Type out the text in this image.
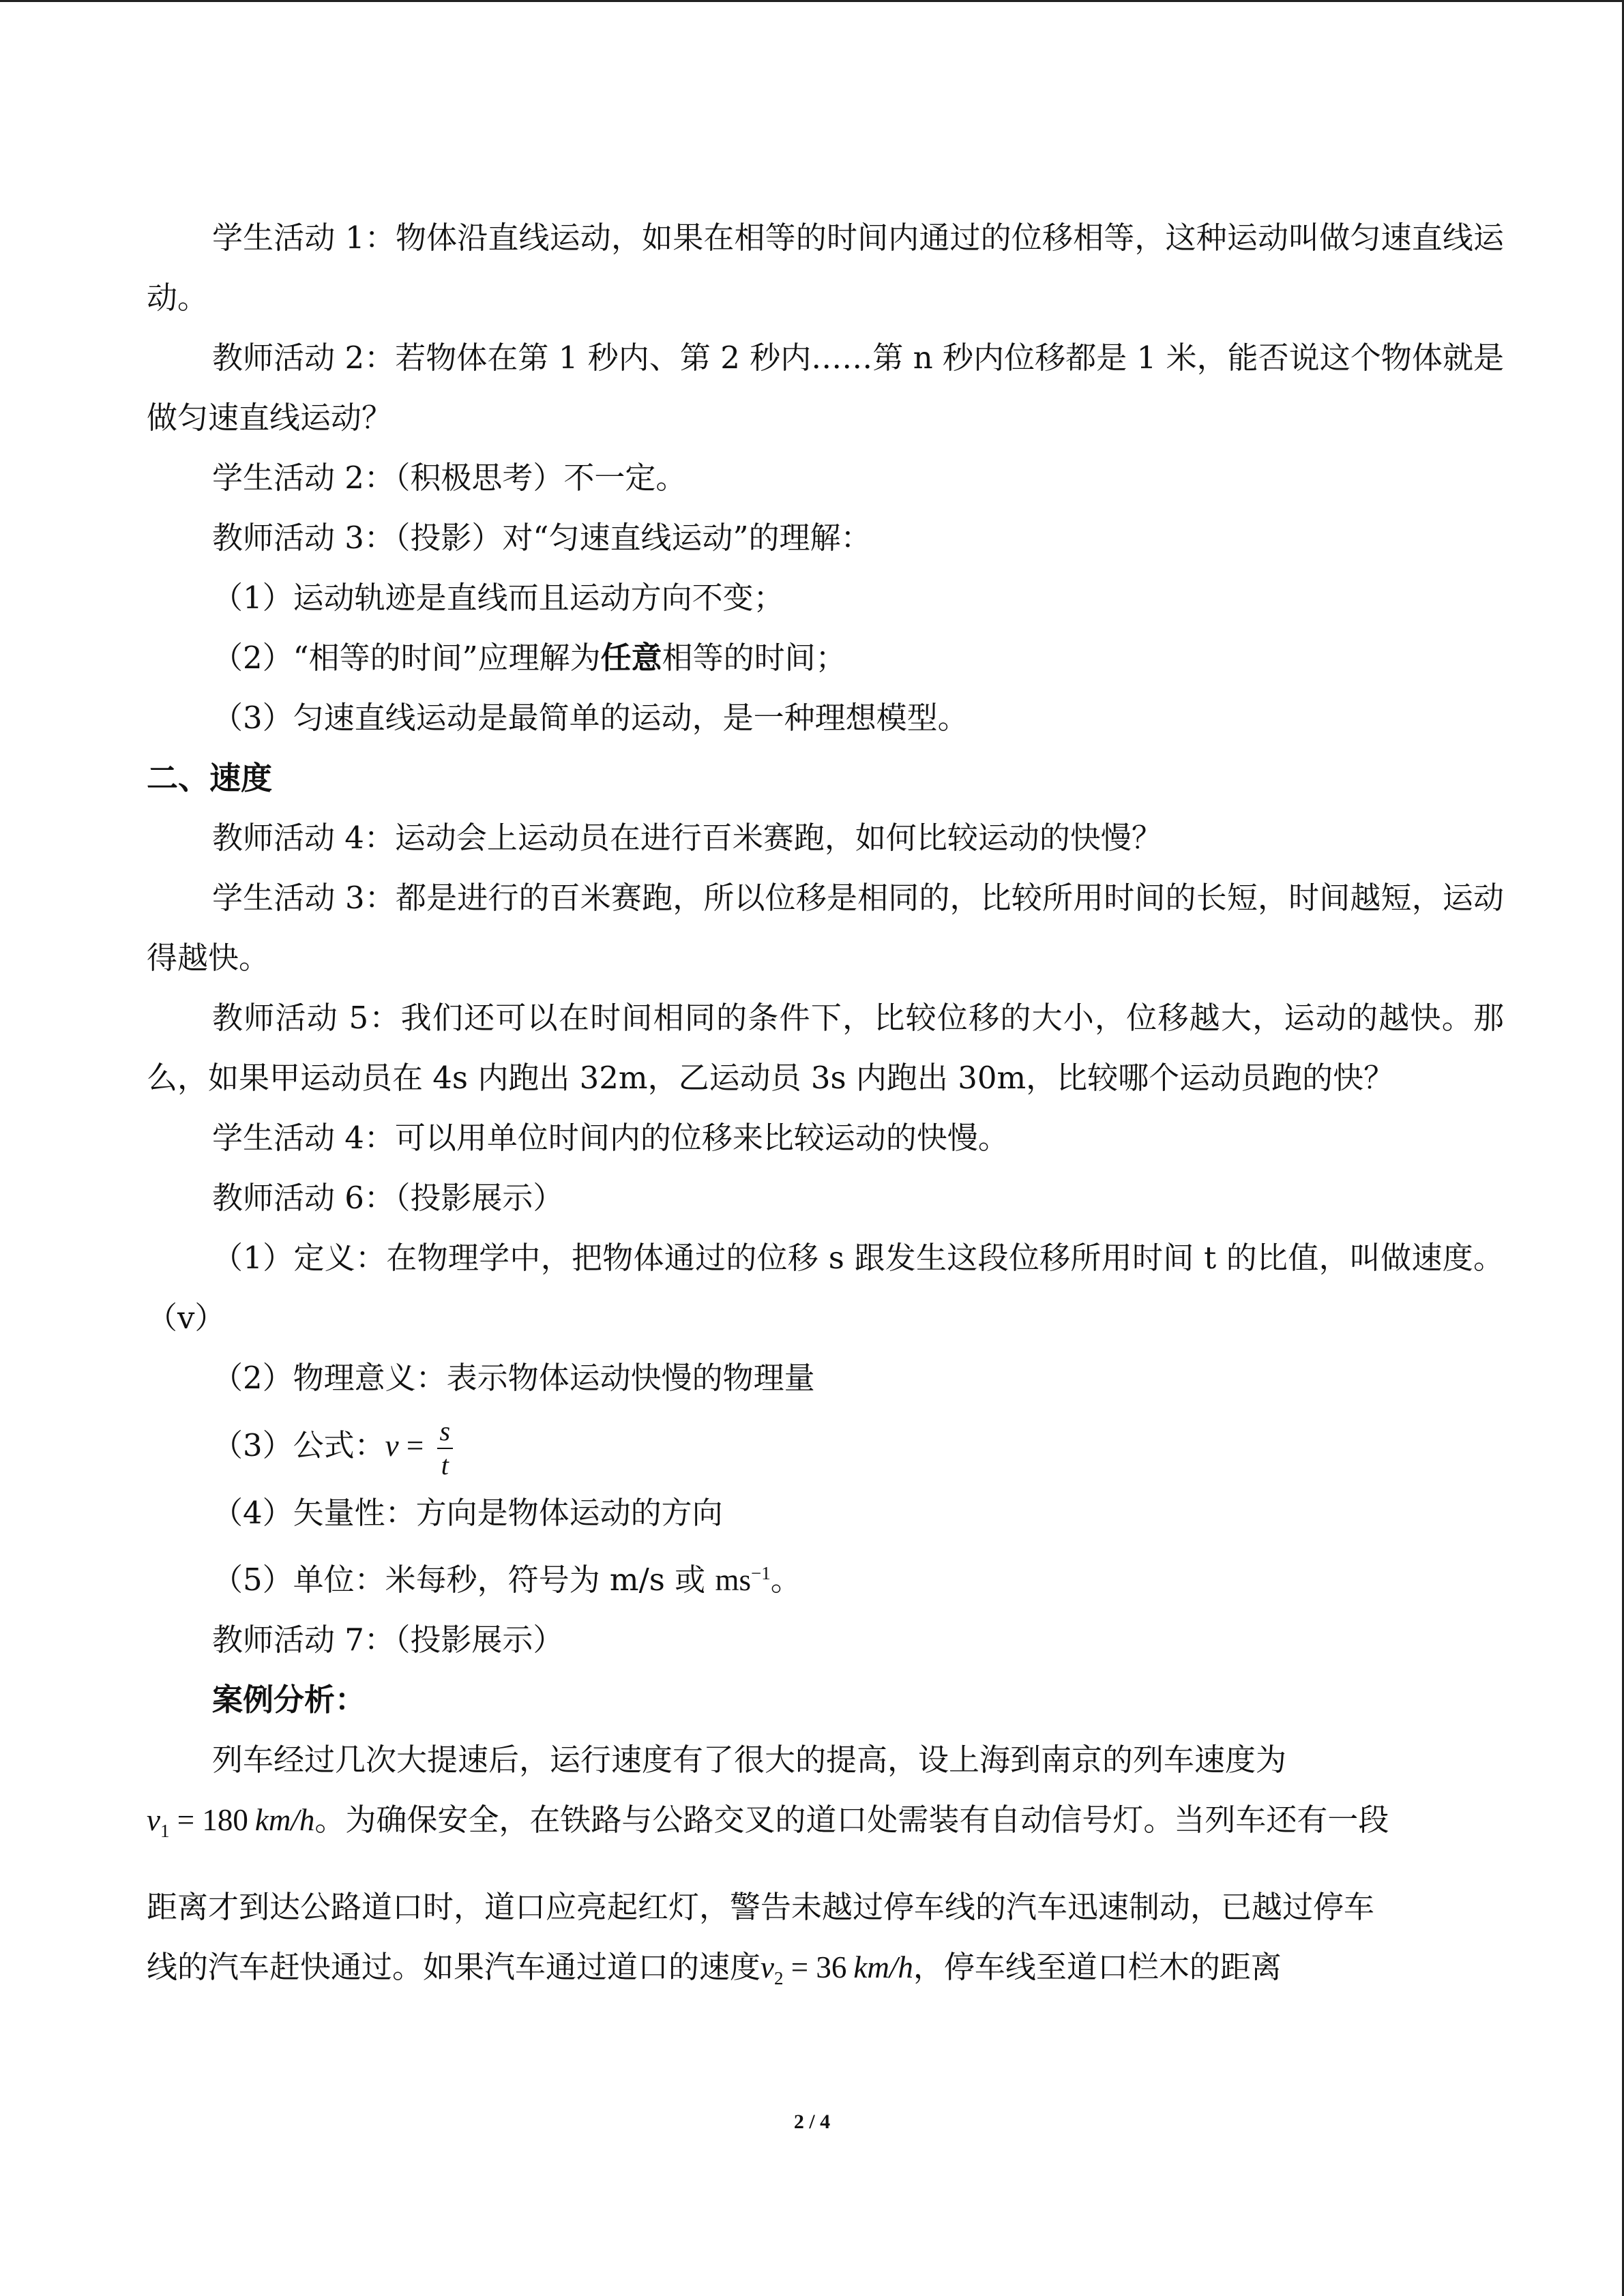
学生活动 1：物体沿直线运动，如果在相等的时间内通过的位移相等，这种运动叫做匀速直线运动。

教师活动 2：若物体在第 1 秒内、第 2 秒内……第 n 秒内位移都是 1 米，能否说这个物体就是做匀速直线运动？

学生活动 2：（积极思考）不一定。

教师活动 3：（投影）对“匀速直线运动”的理解：

（1）运动轨迹是直线而且运动方向不变；

（2）“相等的时间”应理解为任意相等的时间；

（3）匀速直线运动是最简单的运动，是一种理想模型。

二、速度

教师活动 4：运动会上运动员在进行百米赛跑，如何比较运动的快慢？

学生活动 3：都是进行的百米赛跑，所以位移是相同的，比较所用时间的长短，时间越短，运动得越快。

教师活动 5：我们还可以在时间相同的条件下，比较位移的大小，位移越大，运动的越快。那么，如果甲运动员在 4s 内跑出 32m，乙运动员 3s 内跑出 30m，比较哪个运动员跑的快？

学生活动 4：可以用单位时间内的位移来比较运动的快慢。

教师活动 6：（投影展示）

（1）定义：在物理学中，把物体通过的位移 s 跟发生这段位移所用时间 t 的比值，叫做速度。（v）

（2）物理意义：表示物体运动快慢的物理量

（3）公式：$v = \frac{s}{t}$

（4）矢量性：方向是物体运动的方向

（5）单位：米每秒，符号为 m/s 或 $ms^{-1}$。

教师活动 7：（投影展示）

案例分析：

列车经过几次大提速后，运行速度有了很大的提高，设上海到南京的列车速度为

$v_1 = 180$ km/h。为确保安全，在铁路与公路交叉的道口处需装有自动信号灯。当列车还有一段

距离才到达公路道口时，道口应亮起红灯，警告未越过停车线的汽车迅速制动，已越过停车

线的汽车赶快通过。如果汽车通过道口的速度$v_2 = 36$ km/h，停车线至道口栏木的距离

2 / 4
